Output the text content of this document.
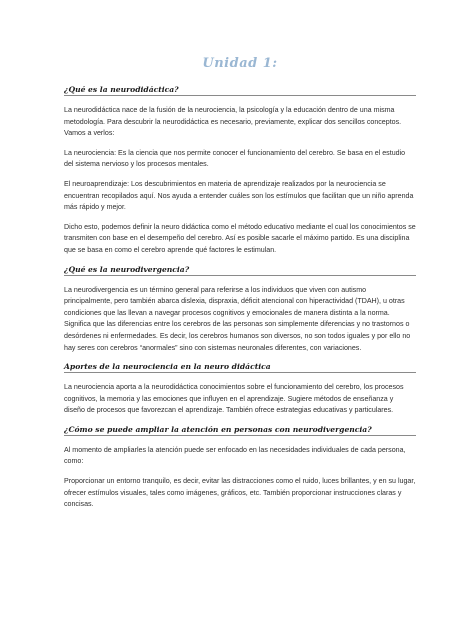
Unidad 1:
¿Qué es la neurodidáctica?

La neurodidáctica nace de la fusión de la neurociencia, la psicología y la educación dentro de una misma metodología. Para descubrir la neurodidáctica es necesario, previamente, explicar dos sencillos conceptos. Vamos a verlos:

La neurociencia: Es la ciencia que nos permite conocer el funcionamiento del cerebro. Se basa en el estudio del sistema nervioso y los procesos mentales.

El neuroaprendizaje: Los descubrimientos en materia de aprendizaje realizados por la neurociencia se encuentran recopilados aquí. Nos ayuda a entender cuáles son los estímulos que facilitan que un niño aprenda más rápido y mejor.

Dicho esto, podemos definir la neuro didáctica como el método educativo mediante el cual los conocimientos se transmiten con base en el desempeño del cerebro. Así es posible sacarle el máximo partido. Es una disciplina que se basa en como el cerebro aprende qué factores le estimulan.

¿Qué es la neurodivergencia?

La neurodivergencia es un término general para referirse a los individuos que viven con autismo principalmente, pero también abarca dislexia, dispraxia, déficit atencional con hiperactividad (TDAH), u otras condiciones que las llevan a navegar procesos cognitivos y emocionales de manera distinta a la norma. Significa que las diferencias entre los cerebros de las personas son simplemente diferencias y no trastornos o desórdenes ni enfermedades. Es decir, los cerebros humanos son diversos, no son todos iguales y por ello no hay seres con cerebros “anormales” sino con sistemas neuronales diferentes, con variaciones.

Aportes de la neurociencia en la neuro didáctica

La neurociencia aporta a la neurodidáctica conocimientos sobre el funcionamiento del cerebro, los procesos cognitivos, la memoria y las emociones que influyen en el aprendizaje. Sugiere métodos de enseñanza y diseño de procesos que favorezcan el aprendizaje. También ofrece estrategias educativas y particulares.

¿Cómo se puede ampliar la atención en personas con neurodivergencia?

Al momento de ampliarles la atención puede ser enfocado en las necesidades individuales de cada persona, como:

Proporcionar un entorno tranquilo, es decir, evitar las distracciones como el ruido, luces brillantes, y en su lugar, ofrecer estímulos visuales, tales como imágenes, gráficos, etc. También proporcionar instrucciones claras y concisas.
